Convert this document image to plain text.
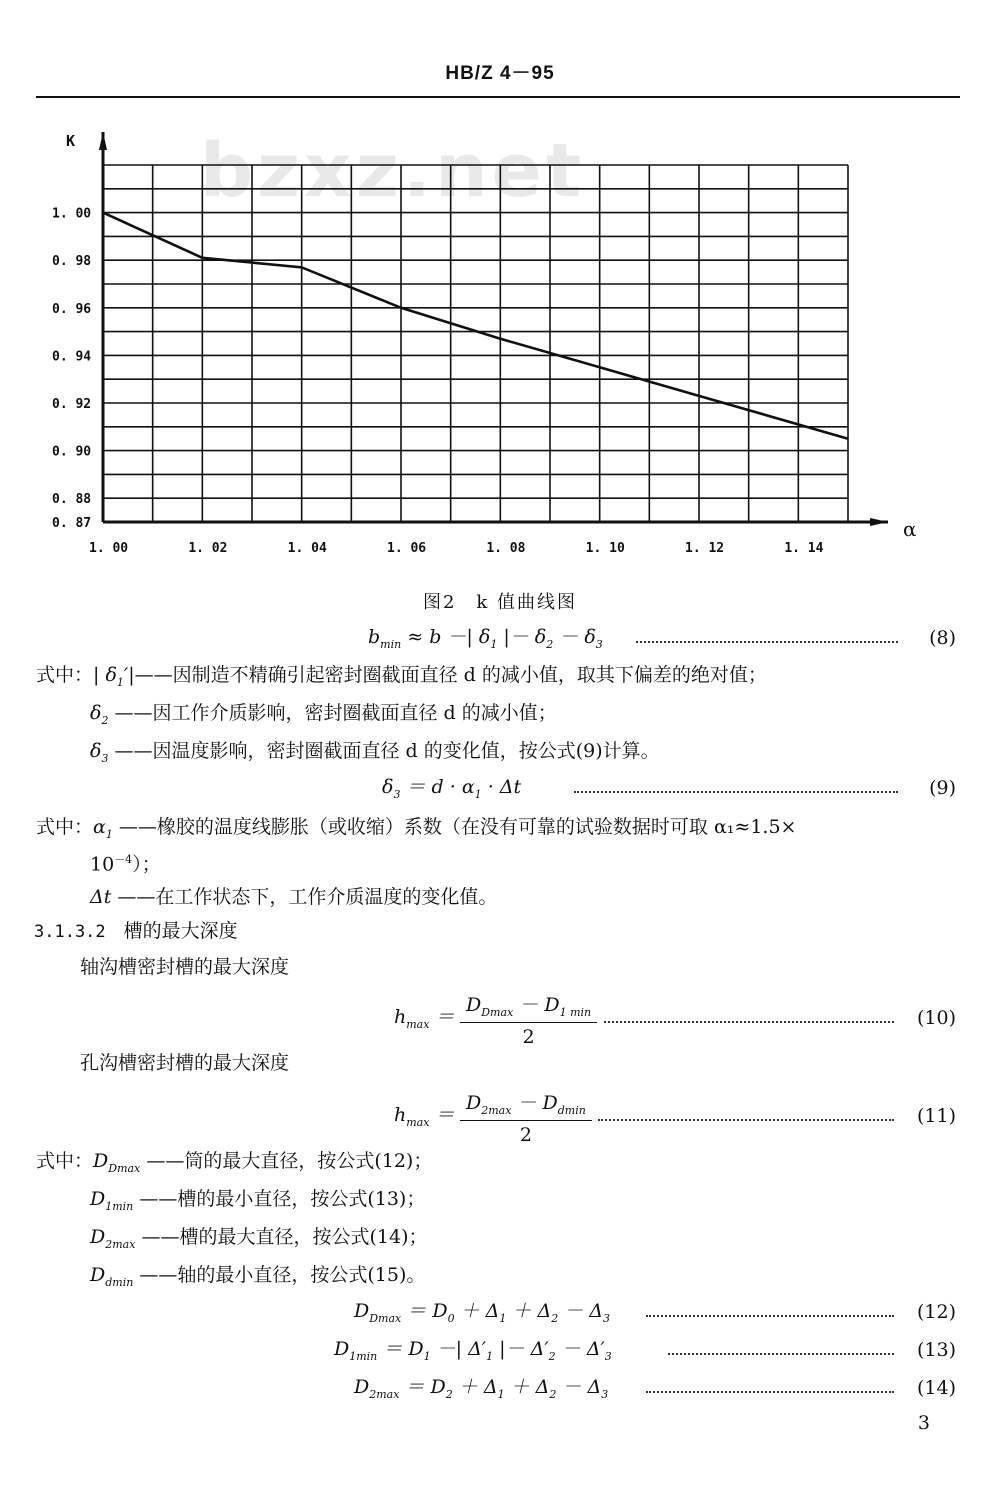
HB/Z 4－95
bzxz.net
1. 00
0. 98
0. 96
0. 94
0. 92
0. 90
0. 88
0. 87
1. 00	1. 02	1. 04	1. 06	1. 08	1. 10	1. 12	1. 14
K
α
图2　k 值曲线图
$b_{min} \approx b$ －| $\delta_1$ |－ $\delta_2 - \delta_3$	(8)
式中：| $\delta_1'|——$因制造不精确引起密封圈截面直径 d 的减小值，取其下偏差的绝对值；
$\delta_2$ ——因工作介质影响，密封圈截面直径 d 的减小值；
$\delta_3$ ——因温度影响，密封圈截面直径 d 的变化值，按公式(9)计算。
$\delta_3 = d \cdot \alpha_1 \cdot \Delta t$	(9)
式中：$\alpha_1$ ——橡胶的温度线膨胀（或收缩）系数（在没有可靠的试验数据时可取 α₁≈1.5×
$10^{-4}$）；
Δt ——在工作状态下，工作介质温度的变化值。
3.1.3.2 槽的最大深度
轴沟槽密封槽的最大深度
$h_{max}$ ＝
$D_{Dmax} - D_{1 min}$
2
(10)
孔沟槽密封槽的最大深度
$h_{max}$ ＝
$D_{2max} - D_{dmin}$
2
(11)
式中：$D_{Dmax}$ ——筒的最大直径，按公式(12)；
$D_{1min}$ ——槽的最小直径，按公式(13)；
$D_{2max}$ ——槽的最大直径，按公式(14)；
$D_{dmin}$ ——轴的最小直径，按公式(15)。
$D_{Dmax} = D_0 + \Delta_1 + \Delta_2 - \Delta_3$	(12)
$D_{1min} = D_1$ －| $\Delta'_1$ |－ $\Delta'_2 - \Delta'_3$	(13)
$D_{2max} = D_2 + \Delta_1 + \Delta_2 - \Delta_3$	(14)
3
